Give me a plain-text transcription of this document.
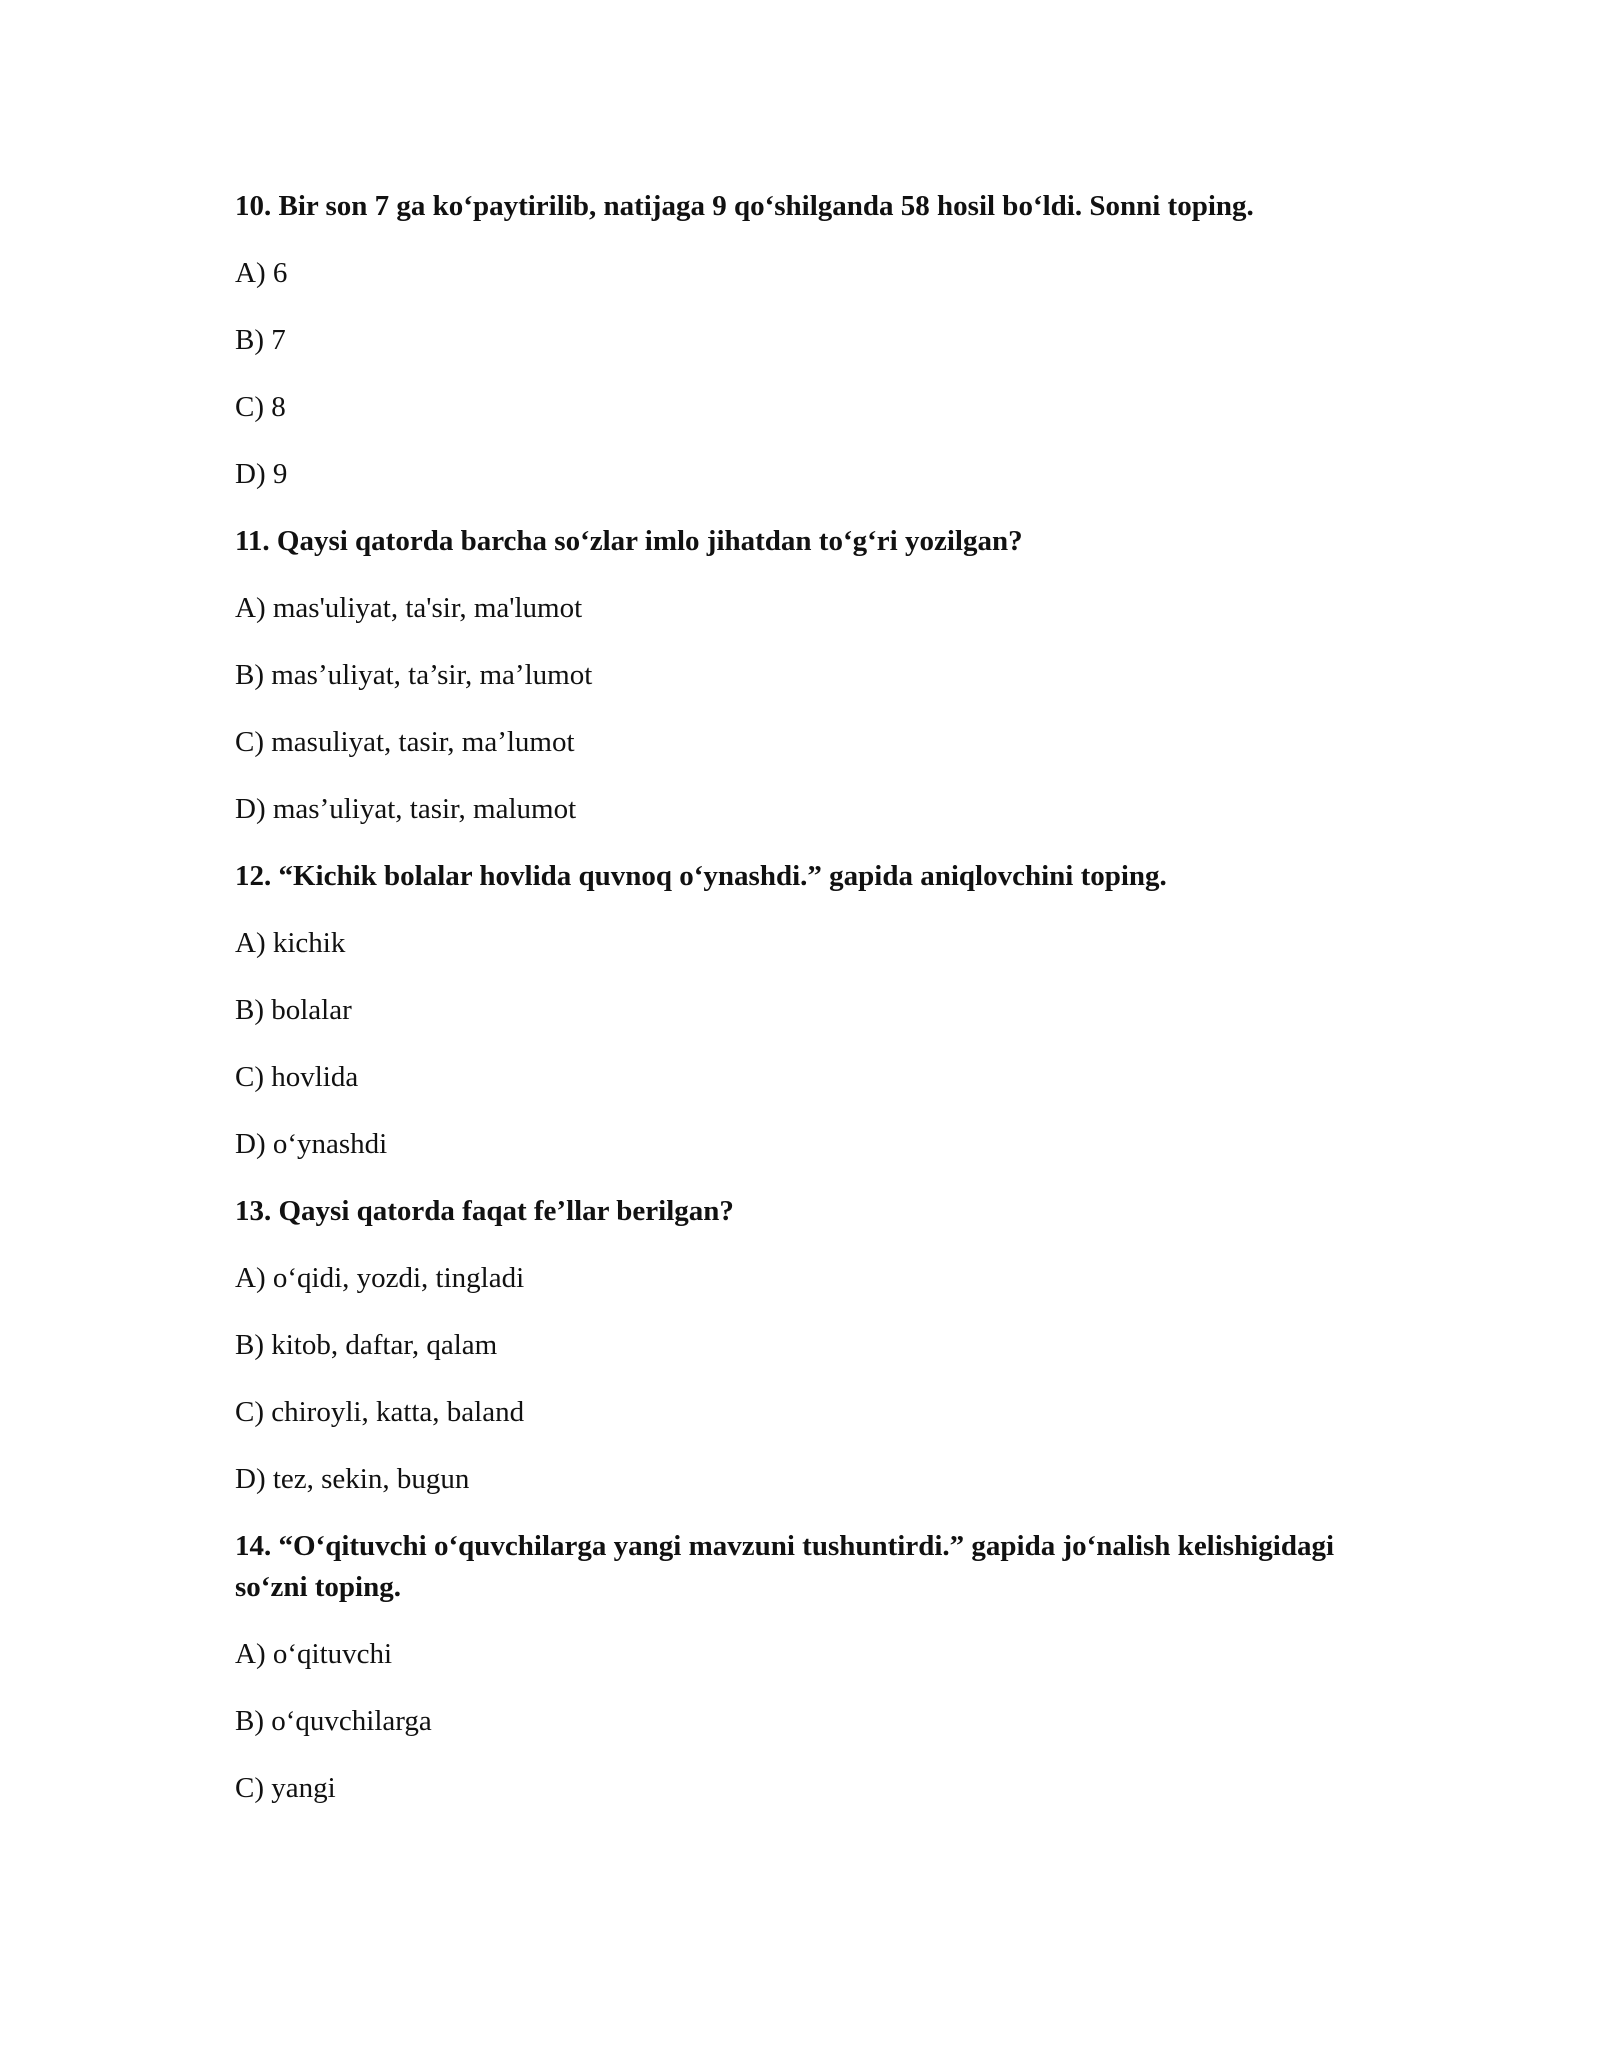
10. Bir son 7 ga ko‘paytirilib, natijaga 9 qo‘shilganda 58 hosil bo‘ldi. Sonni toping.

A) 6

B) 7

C) 8

D) 9

11. Qaysi qatorda barcha so‘zlar imlo jihatdan to‘g‘ri yozilgan?

A) mas'uliyat, ta'sir, ma'lumot

B) mas’uliyat, ta’sir, ma’lumot

C) masuliyat, tasir, ma’lumot

D) mas’uliyat, tasir, malumot

12. “Kichik bolalar hovlida quvnoq o‘ynashdi.” gapida aniqlovchini toping.

A) kichik

B) bolalar

C) hovlida

D) o‘ynashdi

13. Qaysi qatorda faqat fe’llar berilgan?

A) o‘qidi, yozdi, tingladi

B) kitob, daftar, qalam

C) chiroyli, katta, baland

D) tez, sekin, bugun

14. “O‘qituvchi o‘quvchilarga yangi mavzuni tushuntirdi.” gapida jo‘nalish kelishigidagi so‘zni toping.

A) o‘qituvchi

B) o‘quvchilarga

C) yangi
